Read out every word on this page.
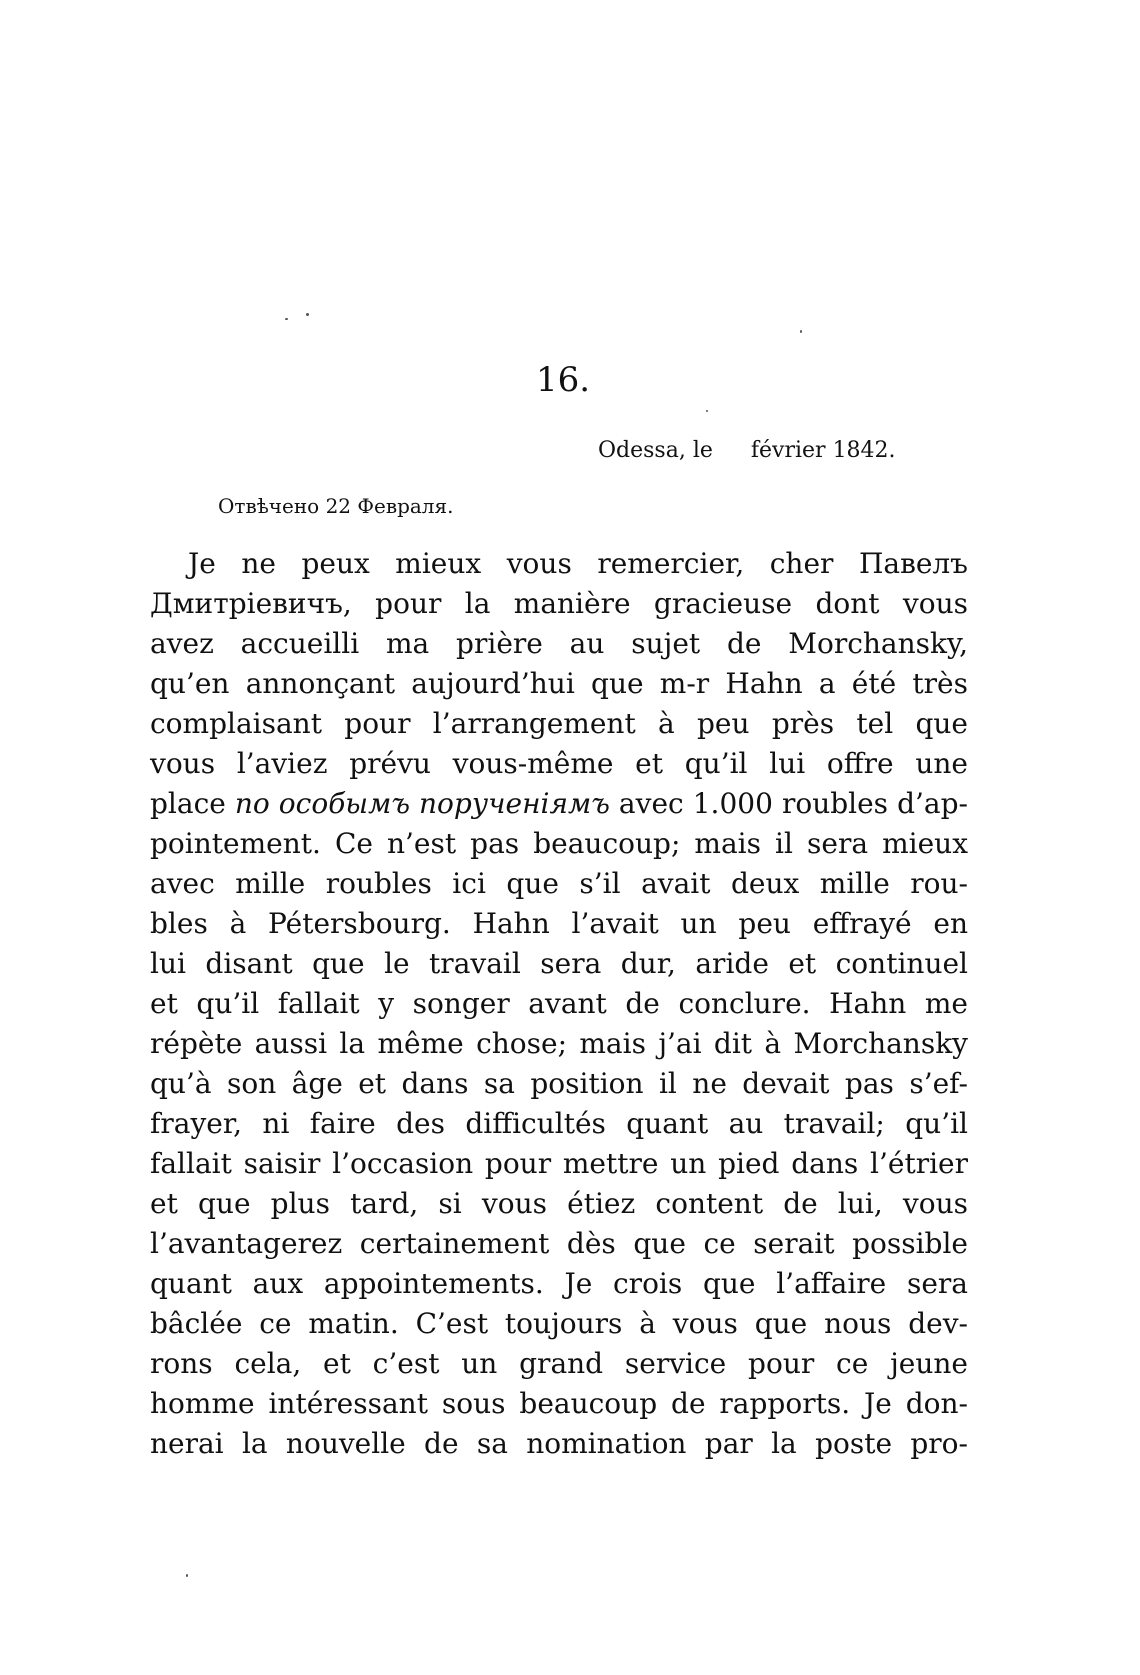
16.
Odessa, le février 1842.
Отвѣчено 22 Февраля.
Je ne peux mieux vous remercier, cher Павелъ
Дмитріевичъ, pour la manière gracieuse dont vous
avez accueilli ma prière au sujet de Morchansky,
qu’en annonçant aujourd’hui que m-r Hahn a été très
complaisant pour l’arrangement à peu près tel que
vous l’aviez prévu vous-même et qu’il lui offre une
place по особымъ порученіямъ avec 1.000 roubles d’ap-
pointement. Ce n’est pas beaucoup; mais il sera mieux
avec mille roubles ici que s’il avait deux mille rou-
bles à Pétersbourg. Hahn l’avait un peu effrayé en
lui disant que le travail sera dur, aride et continuel
et qu’il fallait y songer avant de conclure. Hahn me
répète aussi la même chose; mais j’ai dit à Morchansky
qu’à son âge et dans sa position il ne devait pas s’ef-
frayer, ni faire des difficultés quant au travail; qu’il
fallait saisir l’occasion pour mettre un pied dans l’étrier
et que plus tard, si vous étiez content de lui, vous
l’avantagerez certainement dès que ce serait possible
quant aux appointements. Je crois que l’affaire sera
bâclée ce matin. C’est toujours à vous que nous dev-
rons cela, et c’est un grand service pour ce jeune
homme intéressant sous beaucoup de rapports. Je don-
nerai la nouvelle de sa nomination par la poste pro-
